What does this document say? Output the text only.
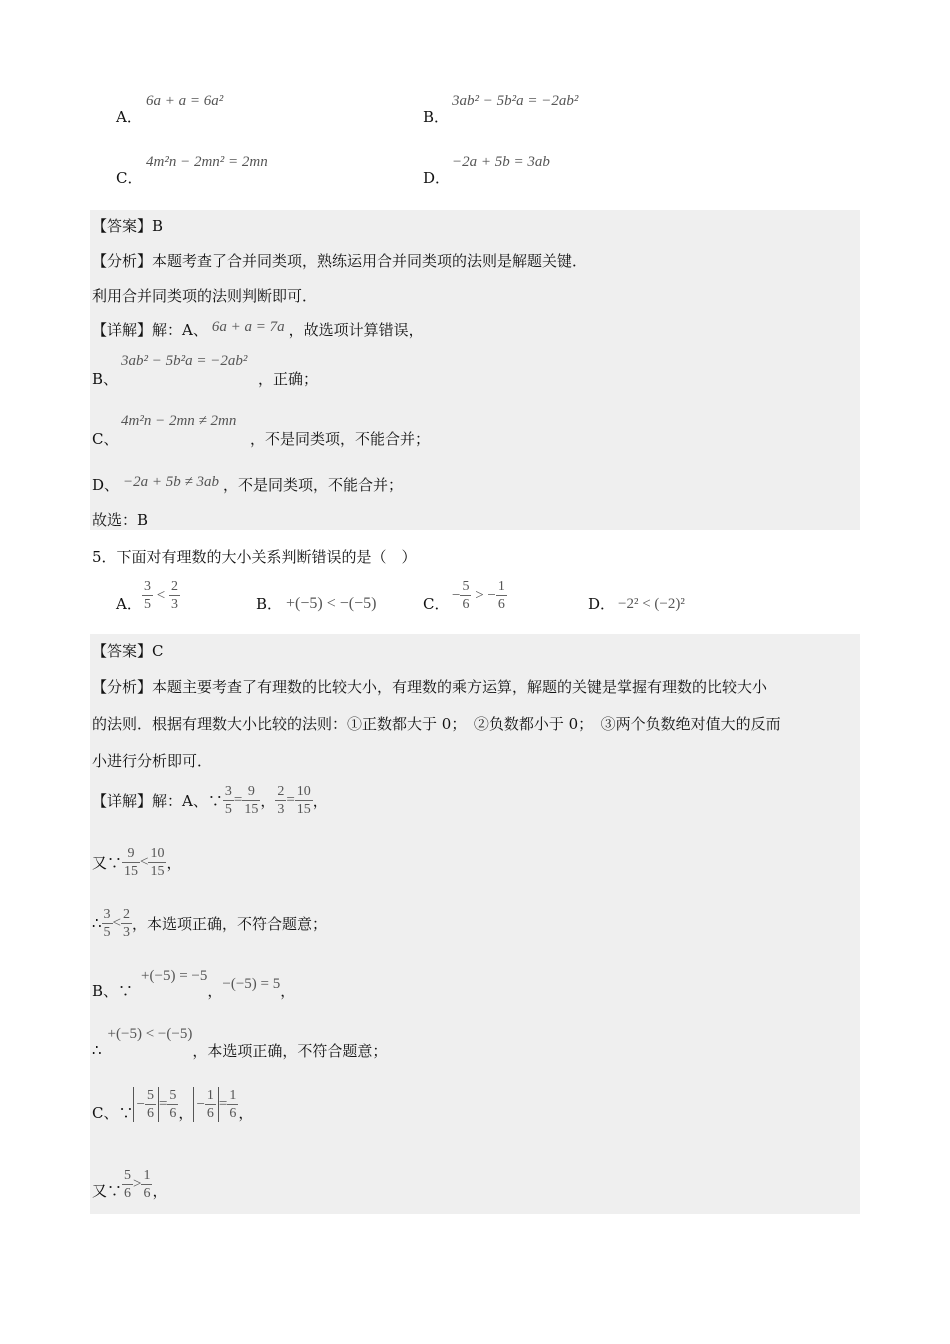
A．
6a + a = 6a²
B．
3ab² − 5b²a = −2ab²
C．
4m²n − 2mn² = 2mn
D．
−2a + 5b = 3ab
【答案】B
【分析】本题考查了合并同类项，熟练运用合并同类项的法则是解题关键．
利用合并同类项的法则判断即可．
【详解】解：A、 6a + a = 7a ，故选项计算错误，
B、
3ab² − 5b²a = −2ab²
，正确；
C、
4m²n − 2mn ≠ 2mn
，不是同类项，不能合并；
D、 −2a + 5b ≠ 3ab ，不是同类项，不能合并；
故选：B
5．下面对有理数的大小关系判断错误的是（　）
A． $\frac{3}{5} < \frac{2}{3}$	B． +(−5) < −(−5)	C． − $\frac{5}{6}$ > − $\frac{1}{6}$	D． −2² < (−2)²
【答案】C
【分析】本题主要考查了有理数的比较大小，有理数的乘方运算，解题的关键是掌握有理数的比较大小
的法则．根据有理数大小比较的法则：①正数都大于 0；　②负数都小于 0；　③两个负数绝对值大的反而
小进行分析即可．
【详解】解：A、∵ $\frac{3}{5} = \frac{9}{15}$ ， $\frac{2}{3} = \frac{10}{15}$ ，
又∵ $\frac{9}{15} < \frac{10}{15}$ ，
∴ $\frac{3}{5} < \frac{2}{3}$ ，本选项正确，不符合题意；
B、∵
+(−5) = −5
， −(−5) = 5 ，
∴
+(−5) < −(−5)
，本选项正确，不符合题意；
C、∵ − $\frac{5}{6} = \frac{5}{6}$ ， − $\frac{1}{6} = \frac{1}{6}$ ，
又∵ $\frac{5}{6} > \frac{1}{6}$ ，
